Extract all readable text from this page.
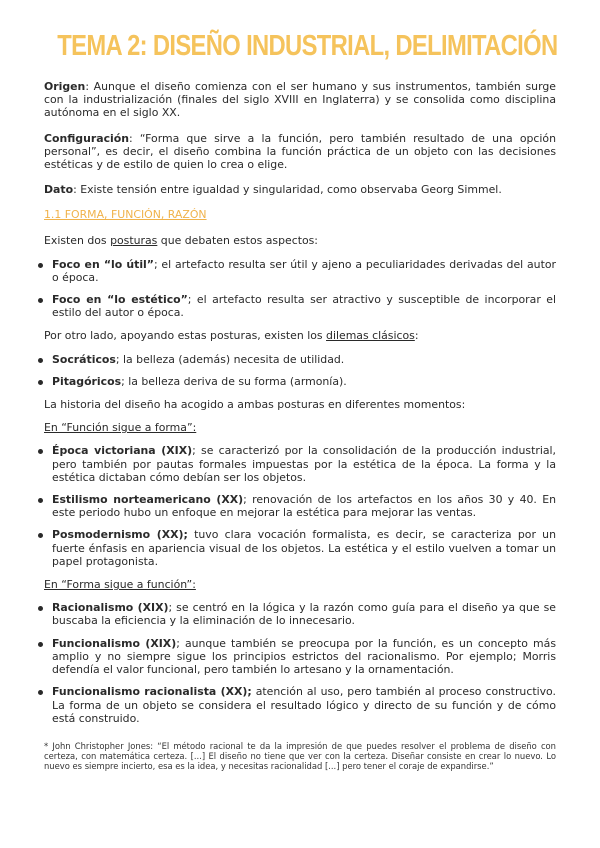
TEMA 2: DISEÑO INDUSTRIAL, DELIMITACIÓN

Origen: Aunque el diseño comienza con el ser humano y sus instrumentos, también surge con la industrialización (finales del siglo XVIII en Inglaterra) y se consolida como disciplina autónoma en el siglo XX.

Configuración: “Forma que sirve a la función, pero también resultado de una opción personal”, es decir, el diseño combina la función práctica de un objeto con las decisiones estéticas y de estilo de quien lo crea o elige.

Dato: Existe tensión entre igualdad y singularidad, como observaba Georg Simmel.

1.1 FORMA, FUNCIÓN, RAZÓN

Existen dos posturas que debaten estos aspectos:

Foco en “lo útil”; el artefacto resulta ser útil y ajeno a peculiaridades derivadas del autor o época.
Foco en “lo estético”; el artefacto resulta ser atractivo y susceptible de incorporar el estilo del autor o época.

Por otro lado, apoyando estas posturas, existen los dilemas clásicos:

Socráticos; la belleza (además) necesita de utilidad.
Pitagóricos; la belleza deriva de su forma (armonía).

La historia del diseño ha acogido a ambas posturas en diferentes momentos:

En “Función sigue a forma”:

Época victoriana (XIX); se caracterizó por la consolidación de la producción industrial, pero también por pautas formales impuestas por la estética de la época. La forma y la estética dictaban cómo debían ser los objetos.
Estilismo norteamericano (XX); renovación de los artefactos en los años 30 y 40. En este periodo hubo un enfoque en mejorar la estética para mejorar las ventas.
Posmodernismo (XX); tuvo clara vocación formalista, es decir, se caracteriza por un fuerte énfasis en apariencia visual de los objetos. La estética y el estilo vuelven a tomar un papel protagonista.

En “Forma sigue a función”:

Racionalismo (XIX); se centró en la lógica y la razón como guía para el diseño ya que se buscaba la eficiencia y la eliminación de lo innecesario.
Funcionalismo (XIX); aunque también se preocupa por la función, es un concepto más amplio y no siempre sigue los principios estrictos del racionalismo. Por ejemplo; Morris defendía el valor funcional, pero también lo artesano y la ornamentación.
Funcionalismo racionalista (XX); atención al uso, pero también al proceso constructivo. La forma de un objeto se considera el resultado lógico y directo de su función y de cómo está construido.

* John Christopher Jones: “El método racional te da la impresión de que puedes resolver el problema de diseño con certeza, con matemática certeza. [...] El diseño no tiene que ver con la certeza. Diseñar consiste en crear lo nuevo. Lo nuevo es siempre incierto, esa es la idea, y necesitas racionalidad [...] pero tener el coraje de expandirse.”
